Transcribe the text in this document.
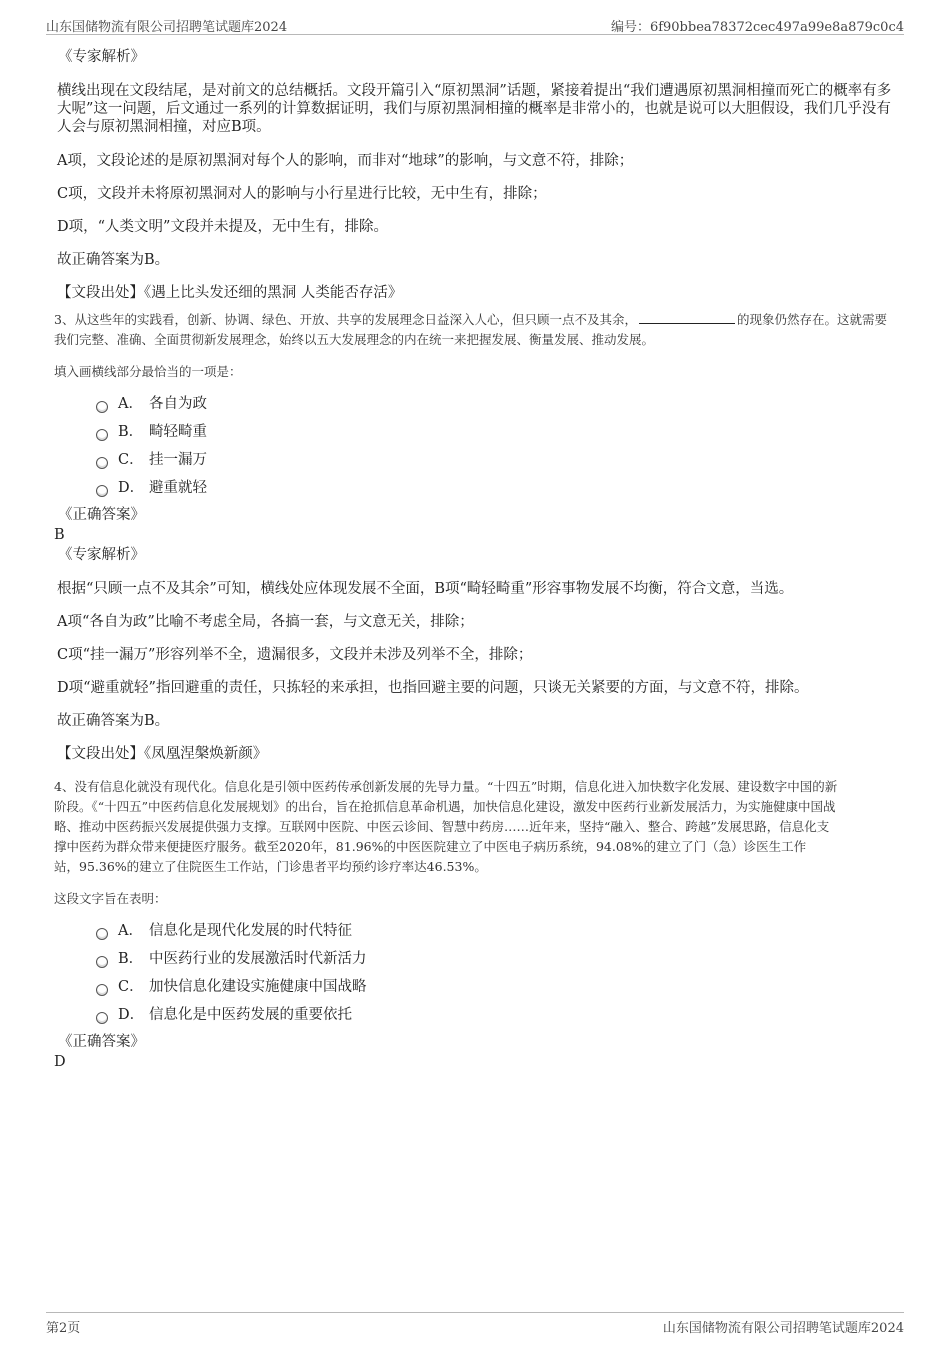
山东国储物流有限公司招聘笔试题库2024	编号：6f90bbea78372cec497a99e8a879c0c4

《专家解析》

横线出现在文段结尾，是对前文的总结概括。文段开篇引入“原初黑洞”话题，紧接着提出“我们遭遇原初黑洞相撞而死亡的概率有多大呢”这一问题，后文通过一系列的计算数据证明，我们与原初黑洞相撞的概率是非常小的，也就是说可以大胆假设，我们几乎没有人会与原初黑洞相撞，对应B项。

A项，文段论述的是原初黑洞对每个人的影响，而非对“地球”的影响，与文意不符，排除；

C项，文段并未将原初黑洞对人的影响与小行星进行比较，无中生有，排除；

D项，“人类文明”文段并未提及，无中生有，排除。

故正确答案为B。

【文段出处】《遇上比头发还细的黑洞 人类能否存活》

3、从这些年的实践看，创新、协调、绿色、开放、共享的发展理念日益深入人心，但只顾一点不及其余，	的现象仍然存在。这就需要我们完整、准确、全面贯彻新发展理念，始终以五大发展理念的内在统一来把握发展、衡量发展、推动发展。

填入画横线部分最恰当的一项是：

A． 各自为政
B． 畸轻畸重
C． 挂一漏万
D． 避重就轻

《正确答案》

B

《专家解析》

根据“只顾一点不及其余”可知，横线处应体现发展不全面，B项“畸轻畸重”形容事物发展不均衡，符合文意，当选。

A项“各自为政”比喻不考虑全局，各搞一套，与文意无关，排除；

C项“挂一漏万”形容列举不全，遗漏很多，文段并未涉及列举不全，排除；

D项“避重就轻”指回避重的责任，只拣轻的来承担，也指回避主要的问题，只谈无关紧要的方面，与文意不符，排除。

故正确答案为B。

【文段出处】《凤凰涅槃焕新颜》

4、没有信息化就没有现代化。信息化是引领中医药传承创新发展的先导力量。“十四五”时期，信息化进入加快数字化发展、建设数字中国的新
阶段。《“十四五”中医药信息化发展规划》的出台，旨在抢抓信息革命机遇，加快信息化建设，激发中医药行业新发展活力，为实施健康中国战
略、推动中医药振兴发展提供强力支撑。互联网中医院、中医云诊间、智慧中药房……近年来，坚持“融入、整合、跨越”发展思路，信息化支
撑中医药为群众带来便捷医疗服务。截至2020年，81.96%的中医医院建立了中医电子病历系统，94.08%的建立了门（急）诊医生工作
站，95.36%的建立了住院医生工作站，门诊患者平均预约诊疗率达46.53%。

这段文字旨在表明：

A． 信息化是现代化发展的时代特征
B． 中医药行业的发展激活时代新活力
C． 加快信息化建设实施健康中国战略
D． 信息化是中医药发展的重要依托

《正确答案》

D

第2页	山东国储物流有限公司招聘笔试题库2024
